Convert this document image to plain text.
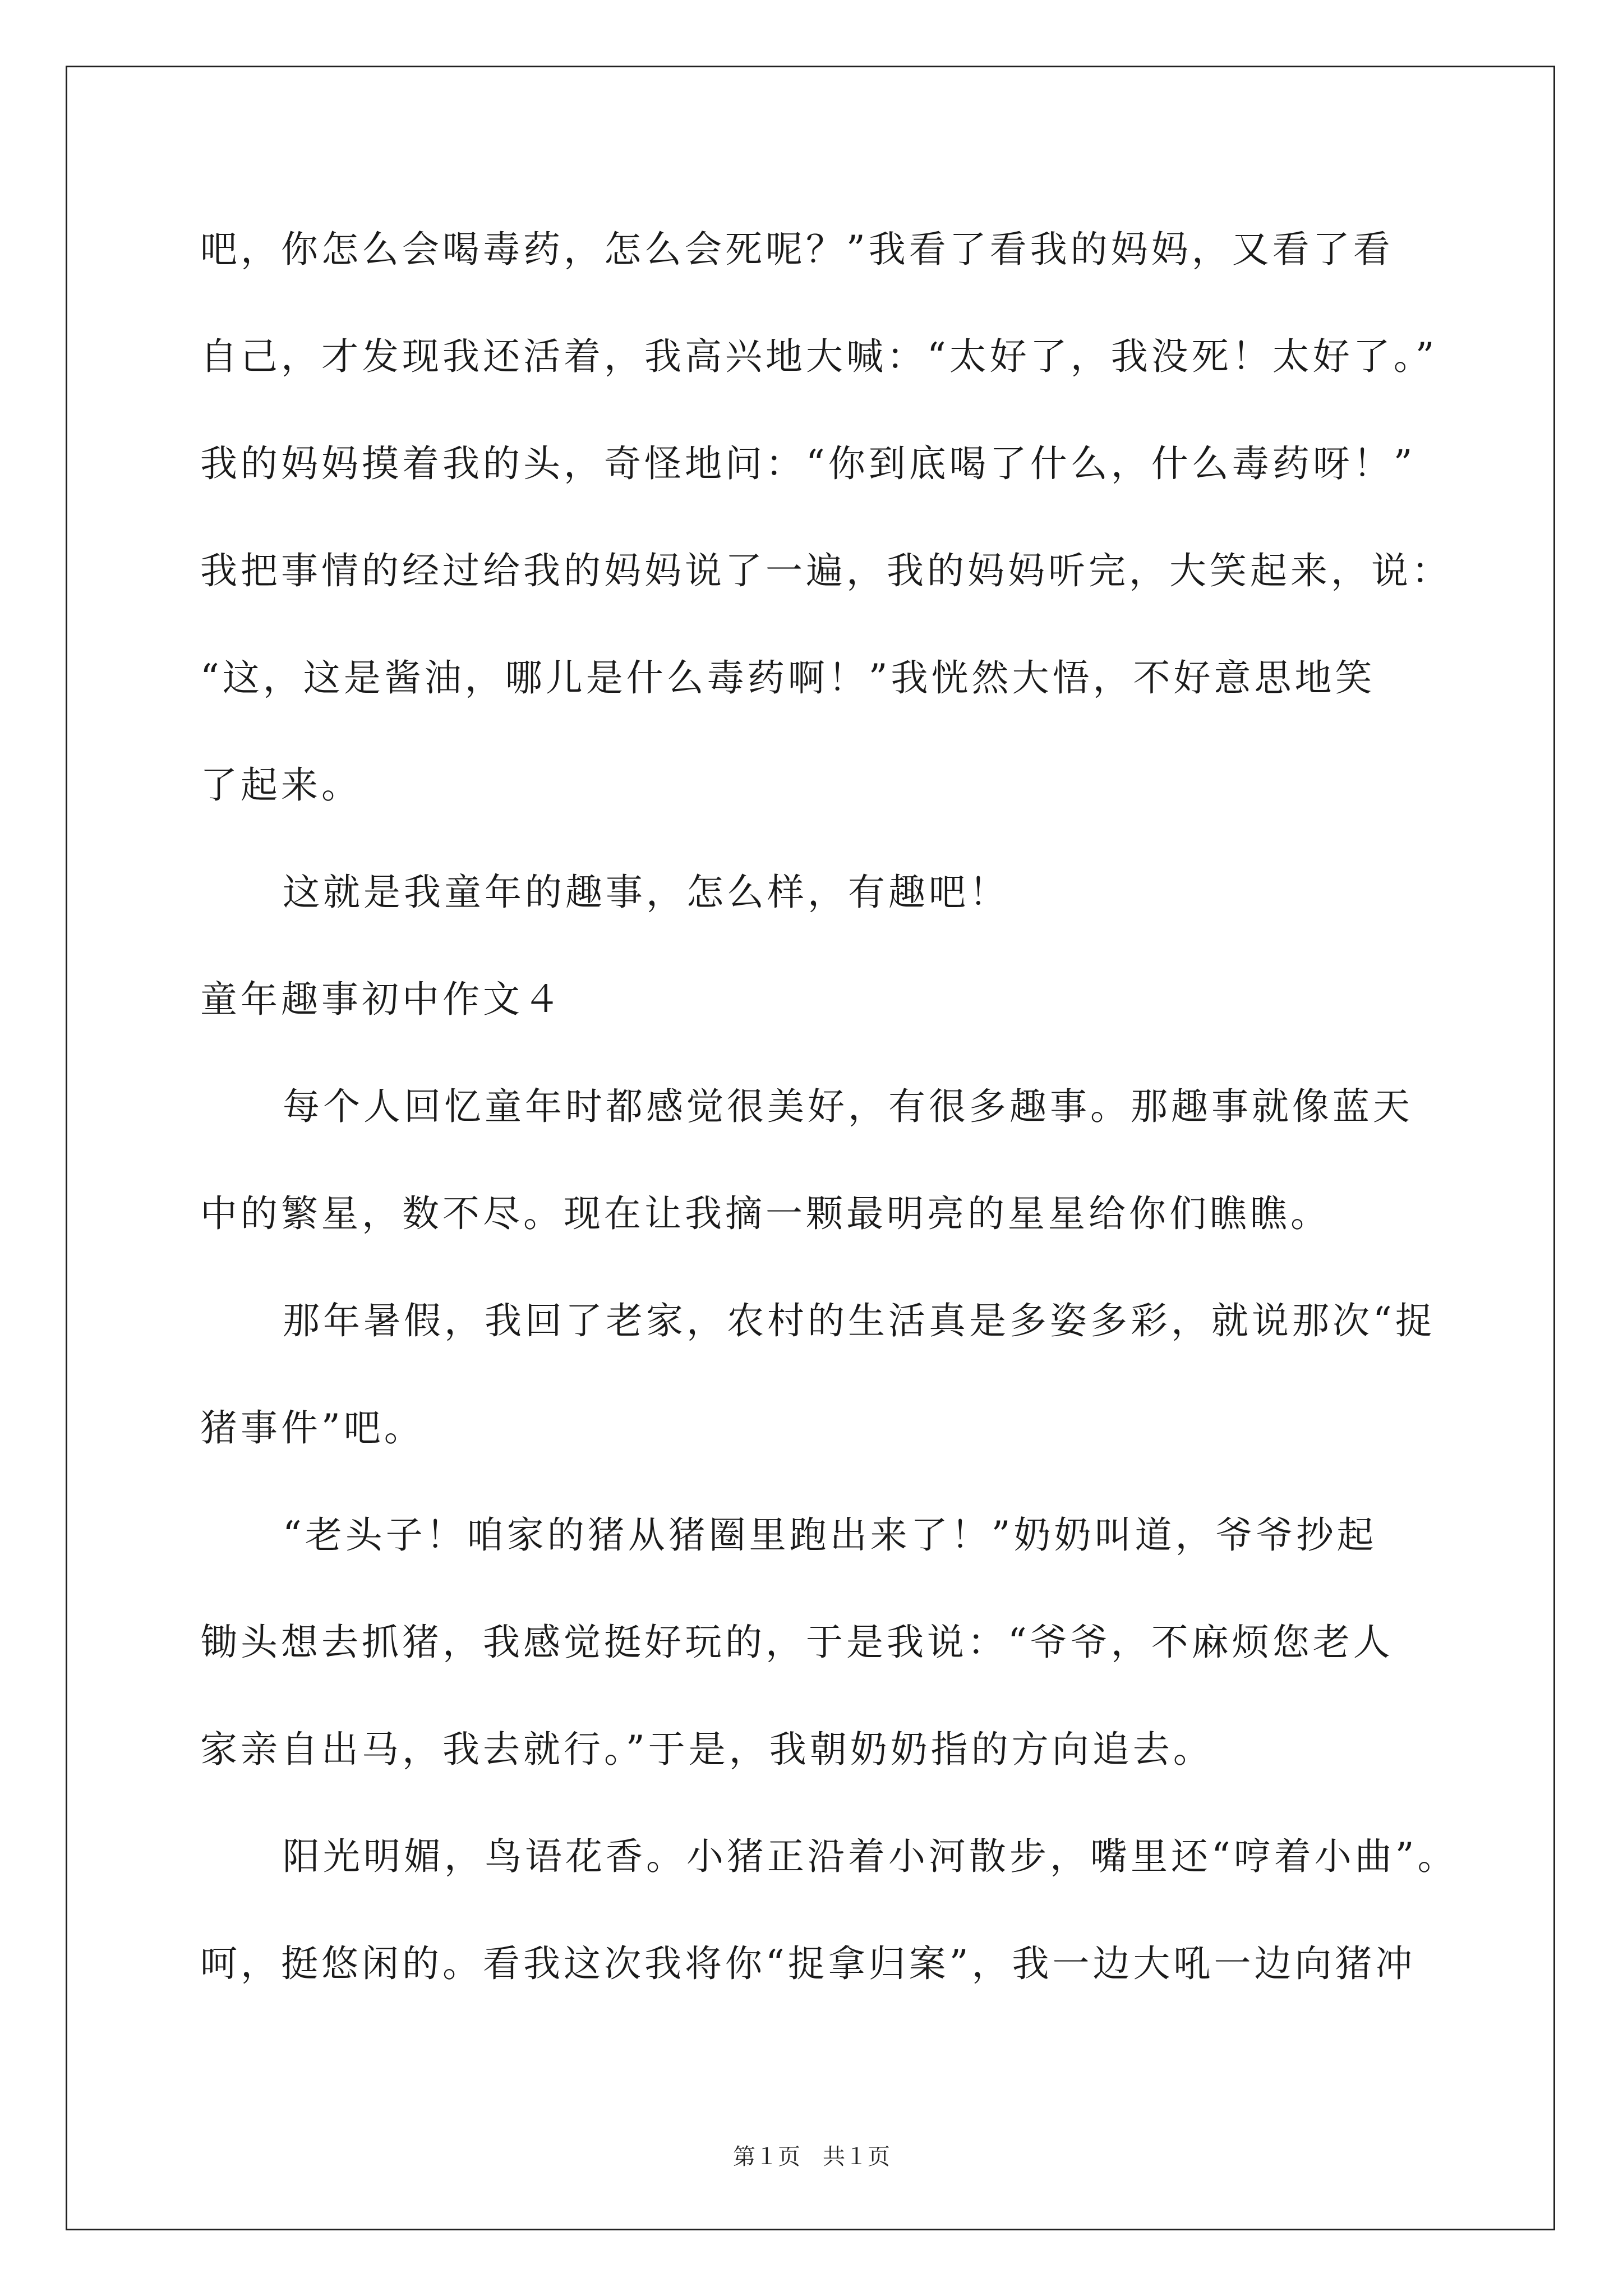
吧，你怎么会喝毒药，怎么会死呢？”我看了看我的妈妈，又看了看
自己，才发现我还活着，我高兴地大喊：“太好了，我没死！太好了。”
我的妈妈摸着我的头，奇怪地问：“你到底喝了什么，什么毒药呀！”
我把事情的经过给我的妈妈说了一遍，我的妈妈听完，大笑起来，说：
“这，这是酱油，哪儿是什么毒药啊！”我恍然大悟，不好意思地笑
了起来。
这就是我童年的趣事，怎么样，有趣吧！
童年趣事初中作文４
每个人回忆童年时都感觉很美好，有很多趣事。那趣事就像蓝天
中的繁星，数不尽。现在让我摘一颗最明亮的星星给你们瞧瞧。
那年暑假，我回了老家，农村的生活真是多姿多彩，就说那次“捉
猪事件”吧。
“老头子！咱家的猪从猪圈里跑出来了！”奶奶叫道，爷爷抄起
锄头想去抓猪，我感觉挺好玩的，于是我说：“爷爷，不麻烦您老人
家亲自出马，我去就行。”于是，我朝奶奶指的方向追去。
阳光明媚，鸟语花香。小猪正沿着小河散步，嘴里还“哼着小曲”。
呵，挺悠闲的。看我这次我将你“捉拿归案”，我一边大吼一边向猪冲
第１页　共１页
